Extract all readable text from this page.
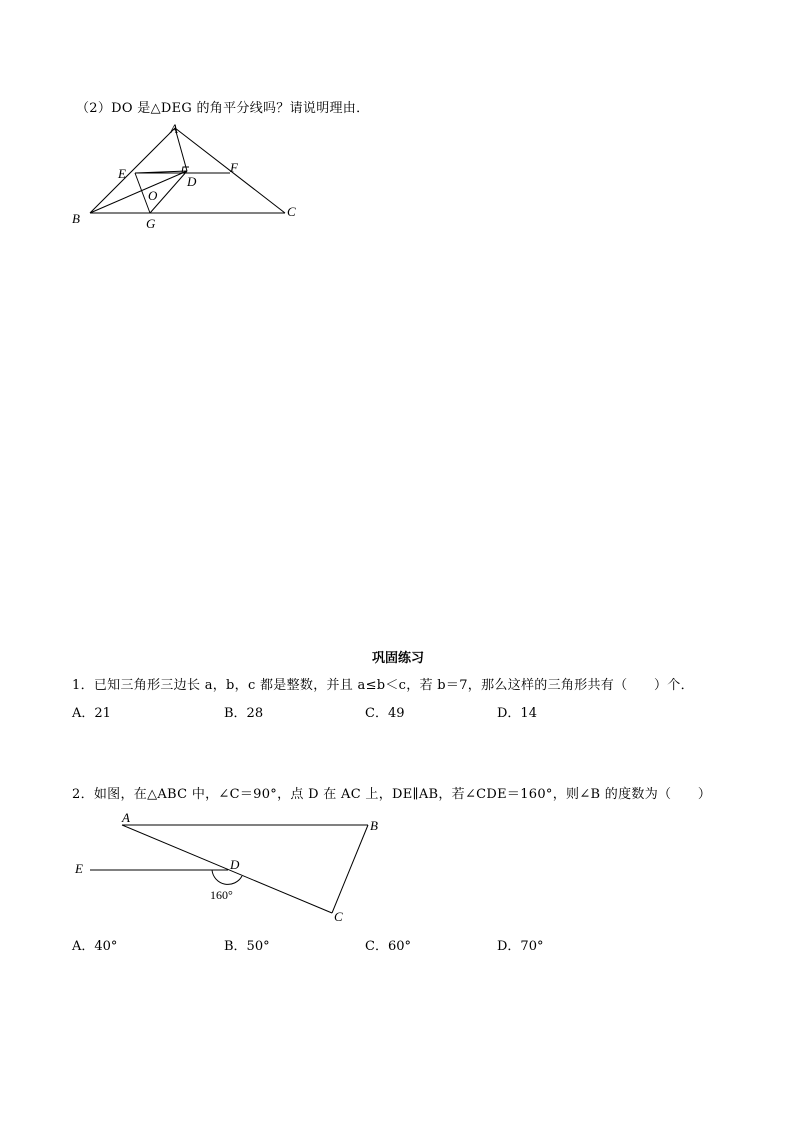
（2）DO 是△DEG 的角平分线吗？请说明理由．
A
E	F
D
O
B	G
C
巩固练习
1．已知三角形三边长 a，b，c 都是整数，并且 a≤b＜c，若 b＝7，那么这样的三角形共有（　　）个．
A．21	B．28	C．49	D．14
2．如图，在△ABC 中，∠C＝90°，点 D 在 AC 上，DE∥AB，若∠CDE＝160°，则∠B 的度数为（　　）
A
B
E	D
C
160°
A．40°	B．50°	C．60°	D．70°
